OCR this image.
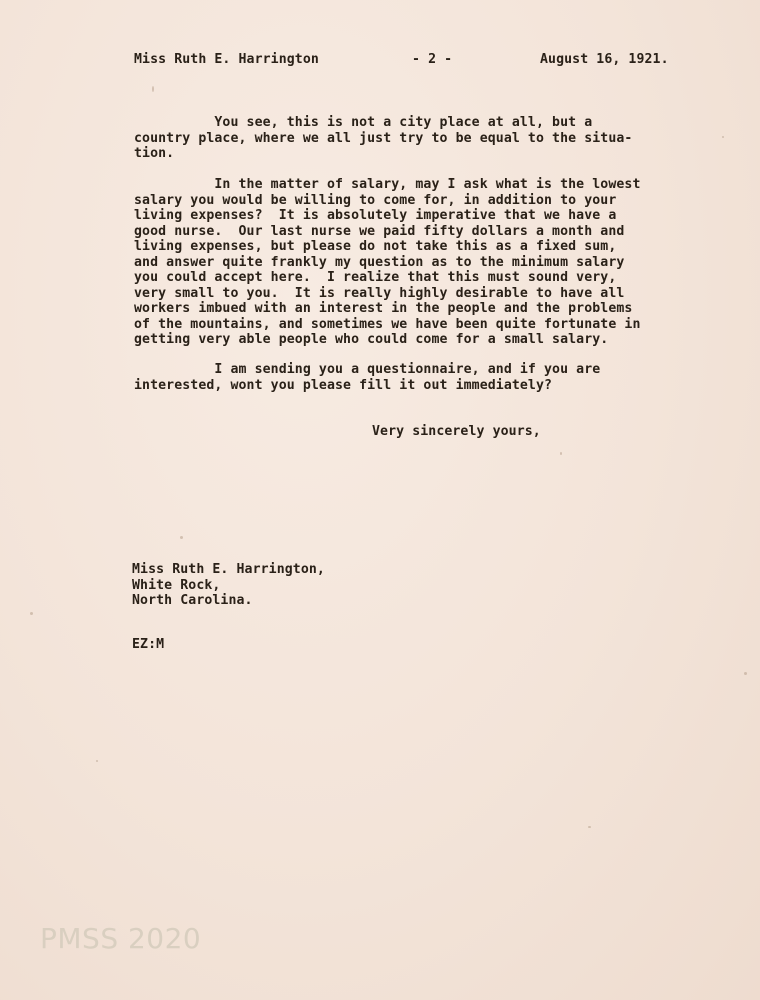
Miss Ruth E. Harrington	- 2 -	August 16, 1921.
You see, this is not a city place at all, but a
country place, where we all just try to be equal to the situa-
tion.
In the matter of salary, may I ask what is the lowest
salary you would be willing to come for, in addition to your
living expenses?  It is absolutely imperative that we have a
good nurse.  Our last nurse we paid fifty dollars a month and
living expenses, but please do not take this as a fixed sum,
and answer quite frankly my question as to the minimum salary
you could accept here.  I realize that this must sound very,
very small to you.  It is really highly desirable to have all
workers imbued with an interest in the people and the problems
of the mountains, and sometimes we have been quite fortunate in
getting very able people who could come for a small salary.
I am sending you a questionnaire, and if you are
interested, wont you please fill it out immediately?
Very sincerely yours,
Miss Ruth E. Harrington,
White Rock,
North Carolina.
EZ:M
PMSS 2020
